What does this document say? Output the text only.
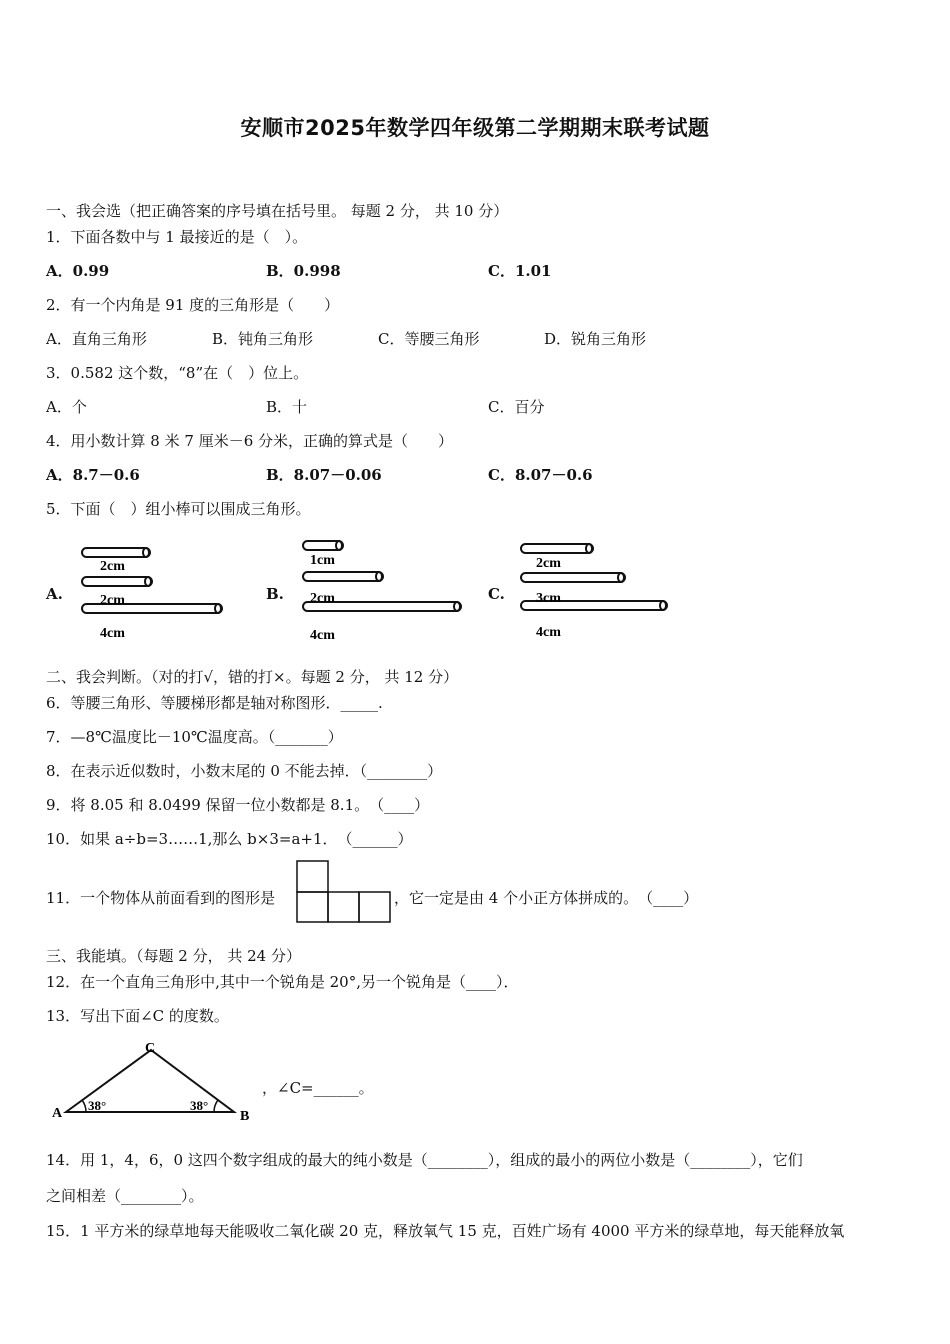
安顺市2025年数学四年级第二学期期末联考试题
一、我会选（把正确答案的序号填在括号里。 每题 2 分， 共 10 分）
1．下面各数中与 1 最接近的是（　）。
A．0.99	B．0.998	C．1.01
2．有一个内角是 91 度的三角形是（　　）
A．直角三角形	B．钝角三角形	C．等腰三角形	D．锐角三角形
3．0.582 这个数，“8”在（　）位上。
A．个	B．十	C．百分
4．用小数计算 8 米 7 厘米－6 分米，正确的算式是（　　）
A．8.7－0.6	B．8.07－0.06	C．8.07－0.6
5．下面（　）组小棒可以围成三角形。
A.	B.	C.
2cm
2cm
4cm
1cm
2cm
4cm
2cm
3cm
4cm
二、我会判断。（对的打√，错的打×。每题 2 分， 共 12 分）
6．等腰三角形、等腰梯形都是轴对称图形．_____.
7．—8℃温度比－10℃温度高。（_______）
8．在表示近似数时，小数末尾的 0 不能去掉．（________）
9．将 8.05 和 8.0499 保留一位小数都是 8.1。　（____）
10．如果 a÷b=3……1,那么 b×3=a+1．　（______）
11．一个物体从前面看到的图形是	，它一定是由 4 个小正方体拼成的。　（____）
三、我能填。（每题 2 分， 共 24 分）
12．在一个直角三角形中,其中一个锐角是 20°,另一个锐角是（____）．
13．写出下面∠C 的度数。
C
A	B
38°	38°
，∠C=______。
14．用 1，4，6，0 这四个数字组成的最大的纯小数是（________），组成的最小的两位小数是（________），它们
之间相差（________）。
15．1 平方米的绿草地每天能吸收二氧化碳 20 克，释放氧气 15 克，百姓广场有 4000 平方米的绿草地，每天能释放氧
